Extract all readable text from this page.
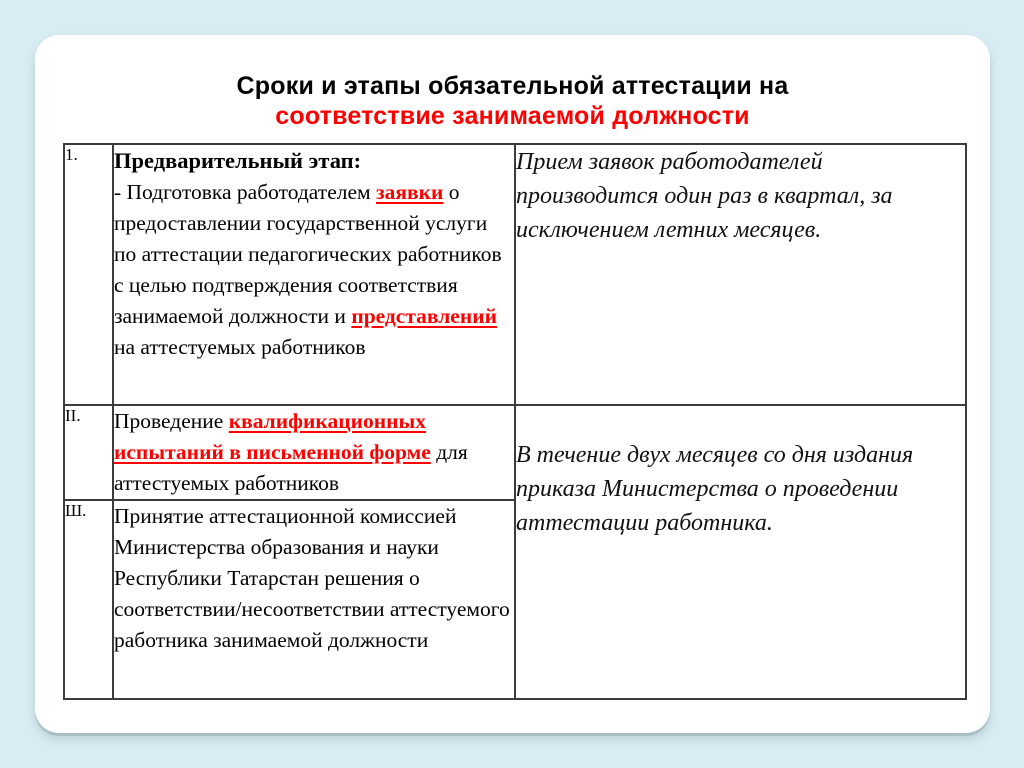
Сроки и этапы обязательной аттестации на
соответствие занимаемой должности
1.	Предварительный этап:
- Подготовка работодателем заявки о предоставлении государственной услуги по аттестации педагогических работников с целью подтверждения соответствия занимаемой должности и представлений на аттестуемых работников	Прием заявок работодателей производится один раз в квартал, за исключением летних месяцев.
II.	Проведение квалификационных испытаний в письменной форме для аттестуемых работников	В течение двух месяцев со дня издания приказа Министерства о проведении аттестации работника.
Ш.	Принятие аттестационной комиссией Министерства образования и науки Республики Татарстан решения о соответствии/несоответствии аттестуемого работника занимаемой должности	
